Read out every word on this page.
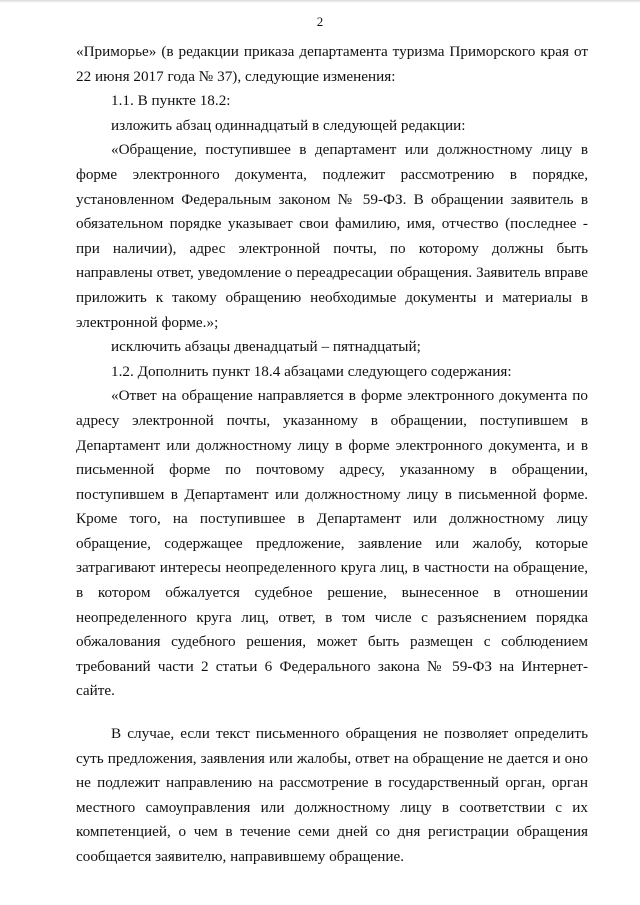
2

«Приморье» (в редакции приказа департамента туризма Приморского края от 22 июня 2017 года № 37), следующие изменения:

1.1. В пункте 18.2:

изложить абзац одиннадцатый в следующей редакции:

«Обращение, поступившее в департамент или должностному лицу в форме электронного документа, подлежит рассмотрению в порядке, установленном Федеральным законом № 59-ФЗ. В обращении заявитель в обязательном порядке указывает свои фамилию, имя, отчество (последнее - при наличии), адрес электронной почты, по которому должны быть направлены ответ, уведомление о переадресации обращения. Заявитель вправе приложить к такому обращению необходимые документы и материалы в электронной форме.»;

исключить абзацы двенадцатый – пятнадцатый;

1.2. Дополнить пункт 18.4 абзацами следующего содержания:

«Ответ на обращение направляется в форме электронного документа по адресу электронной почты, указанному в обращении, поступившем в Департамент или должностному лицу в форме электронного документа, и в письменной форме по почтовому адресу, указанному в обращении, поступившем в Департамент или должностному лицу в письменной форме. Кроме того, на поступившее в Департамент или должностному лицу обращение, содержащее предложение, заявление или жалобу, которые затрагивают интересы неопределенного круга лиц, в частности на обращение, в котором обжалуется судебное решение, вынесенное в отношении неопределенного круга лиц, ответ, в том числе с разъяснением порядка обжалования судебного решения, может быть размещен с соблюдением требований части 2 статьи 6 Федерального закона № 59-ФЗ на Интернет-сайте.

В случае, если текст письменного обращения не позволяет определить суть предложения, заявления или жалобы, ответ на обращение не дается и оно не подлежит направлению на рассмотрение в государственный орган, орган местного самоуправления или должностному лицу в соответствии с их компетенцией, о чем в течение семи дней со дня регистрации обращения сообщается заявителю, направившему обращение.
